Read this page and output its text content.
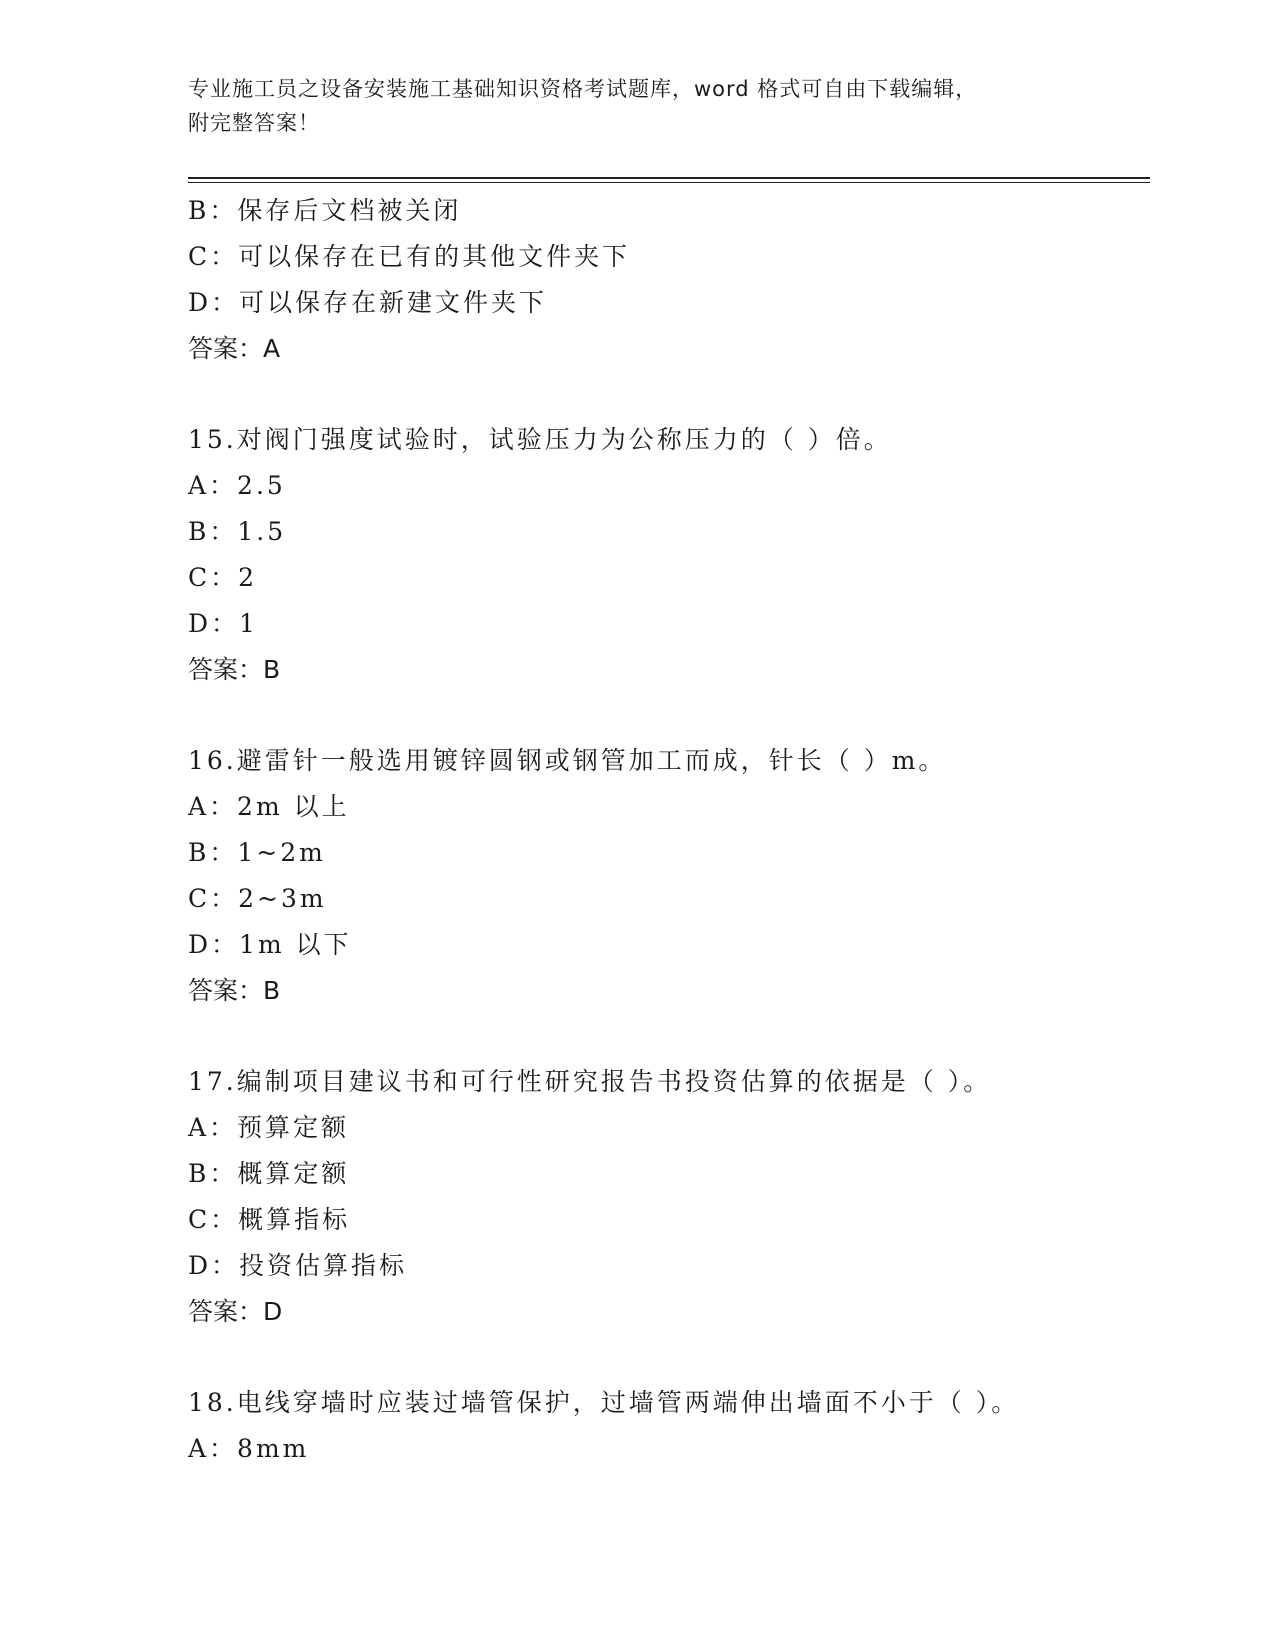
专业施工员之设备安装施工基础知识资格考试题库，word 格式可自由下载编辑，
附完整答案！
B：保存后文档被关闭
C：可以保存在已有的其他文件夹下
D：可以保存在新建文件夹下
答案：A
15.对阀门强度试验时，试验压力为公称压力的（ ）倍。
A：2.5
B：1.5
C：2
D：1
答案：B
16.避雷针一般选用镀锌圆钢或钢管加工而成，针长（ ）m。
A：2m 以上
B：1~2m
C：2~3m
D：1m 以下
答案：B
17.编制项目建议书和可行性研究报告书投资估算的依据是（ ）。
A：预算定额
B：概算定额
C：概算指标
D：投资估算指标
答案：D
18.电线穿墙时应装过墙管保护，过墙管两端伸出墙面不小于（ ）。
A：8mm
